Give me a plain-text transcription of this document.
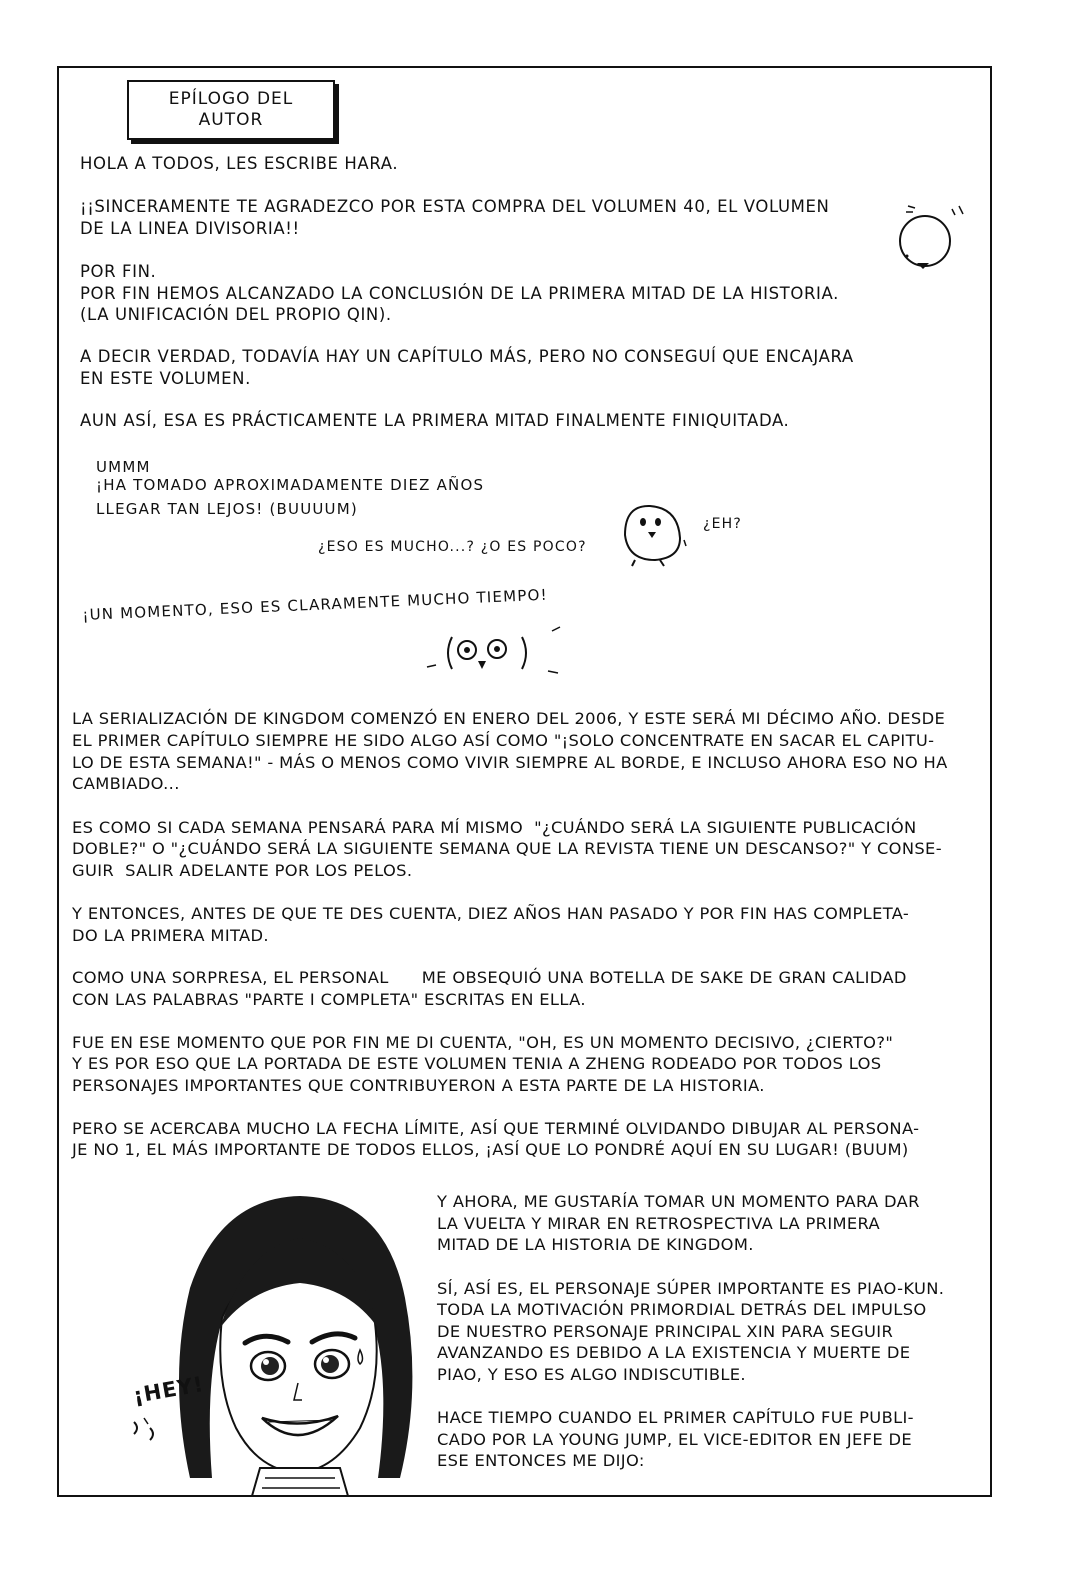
EPÍLOGO DEL
AUTOR

HOLA A TODOS, LES ESCRIBE HARA.

¡¡SINCERAMENTE TE AGRADEZCO POR ESTA COMPRA DEL VOLUMEN 40, EL VOLUMEN

DE LA LINEA DIVISORIA!!

POR FIN.

POR FIN HEMOS ALCANZADO LA CONCLUSIÓN DE LA PRIMERA MITAD DE LA HISTORIA.

(LA UNIFICACIÓN DEL PROPIO QIN).

A DECIR VERDAD, TODAVÍA HAY UN CAPÍTULO MÁS, PERO NO CONSEGUÍ QUE ENCAJARA

EN ESTE VOLUMEN.

AUN ASÍ, ESA ES PRÁCTICAMENTE LA PRIMERA MITAD FINALMENTE FINIQUITADA.

UMMM

¡HA TOMADO APROXIMADAMENTE DIEZ AÑOS

LLEGAR TAN LEJOS! (BUUUUM)

¿ESO ES MUCHO...? ¿O ES POCO?

¿EH?

¡UN MOMENTO, ESO ES CLARAMENTE MUCHO TIEMPO!

LA SERIALIZACIÓN DE KINGDOM COMENZÓ EN ENERO DEL 2006, Y ESTE SERÁ MI DÉCIMO AÑO. DESDE

EL PRIMER CAPÍTULO SIEMPRE HE SIDO ALGO ASÍ COMO "¡SOLO CONCENTRATE EN SACAR EL CAPITU-

LO DE ESTA SEMANA!" - MÁS O MENOS COMO VIVIR SIEMPRE AL BORDE, E INCLUSO AHORA ESO NO HA

CAMBIADO...

ES COMO SI CADA SEMANA PENSARÁ PARA MÍ MISMO  "¿CUÁNDO SERÁ LA SIGUIENTE PUBLICACIÓN

DOBLE?" O "¿CUÁNDO SERÁ LA SIGUIENTE SEMANA QUE LA REVISTA TIENE UN DESCANSO?" Y CONSE-

GUIR  SALIR ADELANTE POR LOS PELOS.

Y ENTONCES, ANTES DE QUE TE DES CUENTA, DIEZ AÑOS HAN PASADO Y POR FIN HAS COMPLETA-

DO LA PRIMERA MITAD.

COMO UNA SORPRESA, EL PERSONAL      ME OBSEQUIÓ UNA BOTELLA DE SAKE DE GRAN CALIDAD

CON LAS PALABRAS "PARTE I COMPLETA" ESCRITAS EN ELLA.

FUE EN ESE MOMENTO QUE POR FIN ME DI CUENTA, "OH, ES UN MOMENTO DECISIVO, ¿CIERTO?"

Y ES POR ESO QUE LA PORTADA DE ESTE VOLUMEN TENIA A ZHENG RODEADO POR TODOS LOS

PERSONAJES IMPORTANTES QUE CONTRIBUYERON A ESTA PARTE DE LA HISTORIA.

PERO SE ACERCABA MUCHO LA FECHA LÍMITE, ASÍ QUE TERMINÉ OLVIDANDO DIBUJAR AL PERSONA-

JE NO 1, EL MÁS IMPORTANTE DE TODOS ELLOS, ¡ASÍ QUE LO PONDRÉ AQUÍ EN SU LUGAR! (BUUM)

¡HEY!

Y AHORA, ME GUSTARÍA TOMAR UN MOMENTO PARA DAR

LA VUELTA Y MIRAR EN RETROSPECTIVA LA PRIMERA

MITAD DE LA HISTORIA DE KINGDOM.

SÍ, ASÍ ES, EL PERSONAJE SÚPER IMPORTANTE ES PIAO-KUN.

TODA LA MOTIVACIÓN PRIMORDIAL DETRÁS DEL IMPULSO

DE NUESTRO PERSONAJE PRINCIPAL XIN PARA SEGUIR

AVANZANDO ES DEBIDO A LA EXISTENCIA Y MUERTE DE

PIAO, Y ESO ES ALGO INDISCUTIBLE.

HACE TIEMPO CUANDO EL PRIMER CAPÍTULO FUE PUBLI-

CADO POR LA YOUNG JUMP, EL VICE-EDITOR EN JEFE DE

ESE ENTONCES ME DIJO:
